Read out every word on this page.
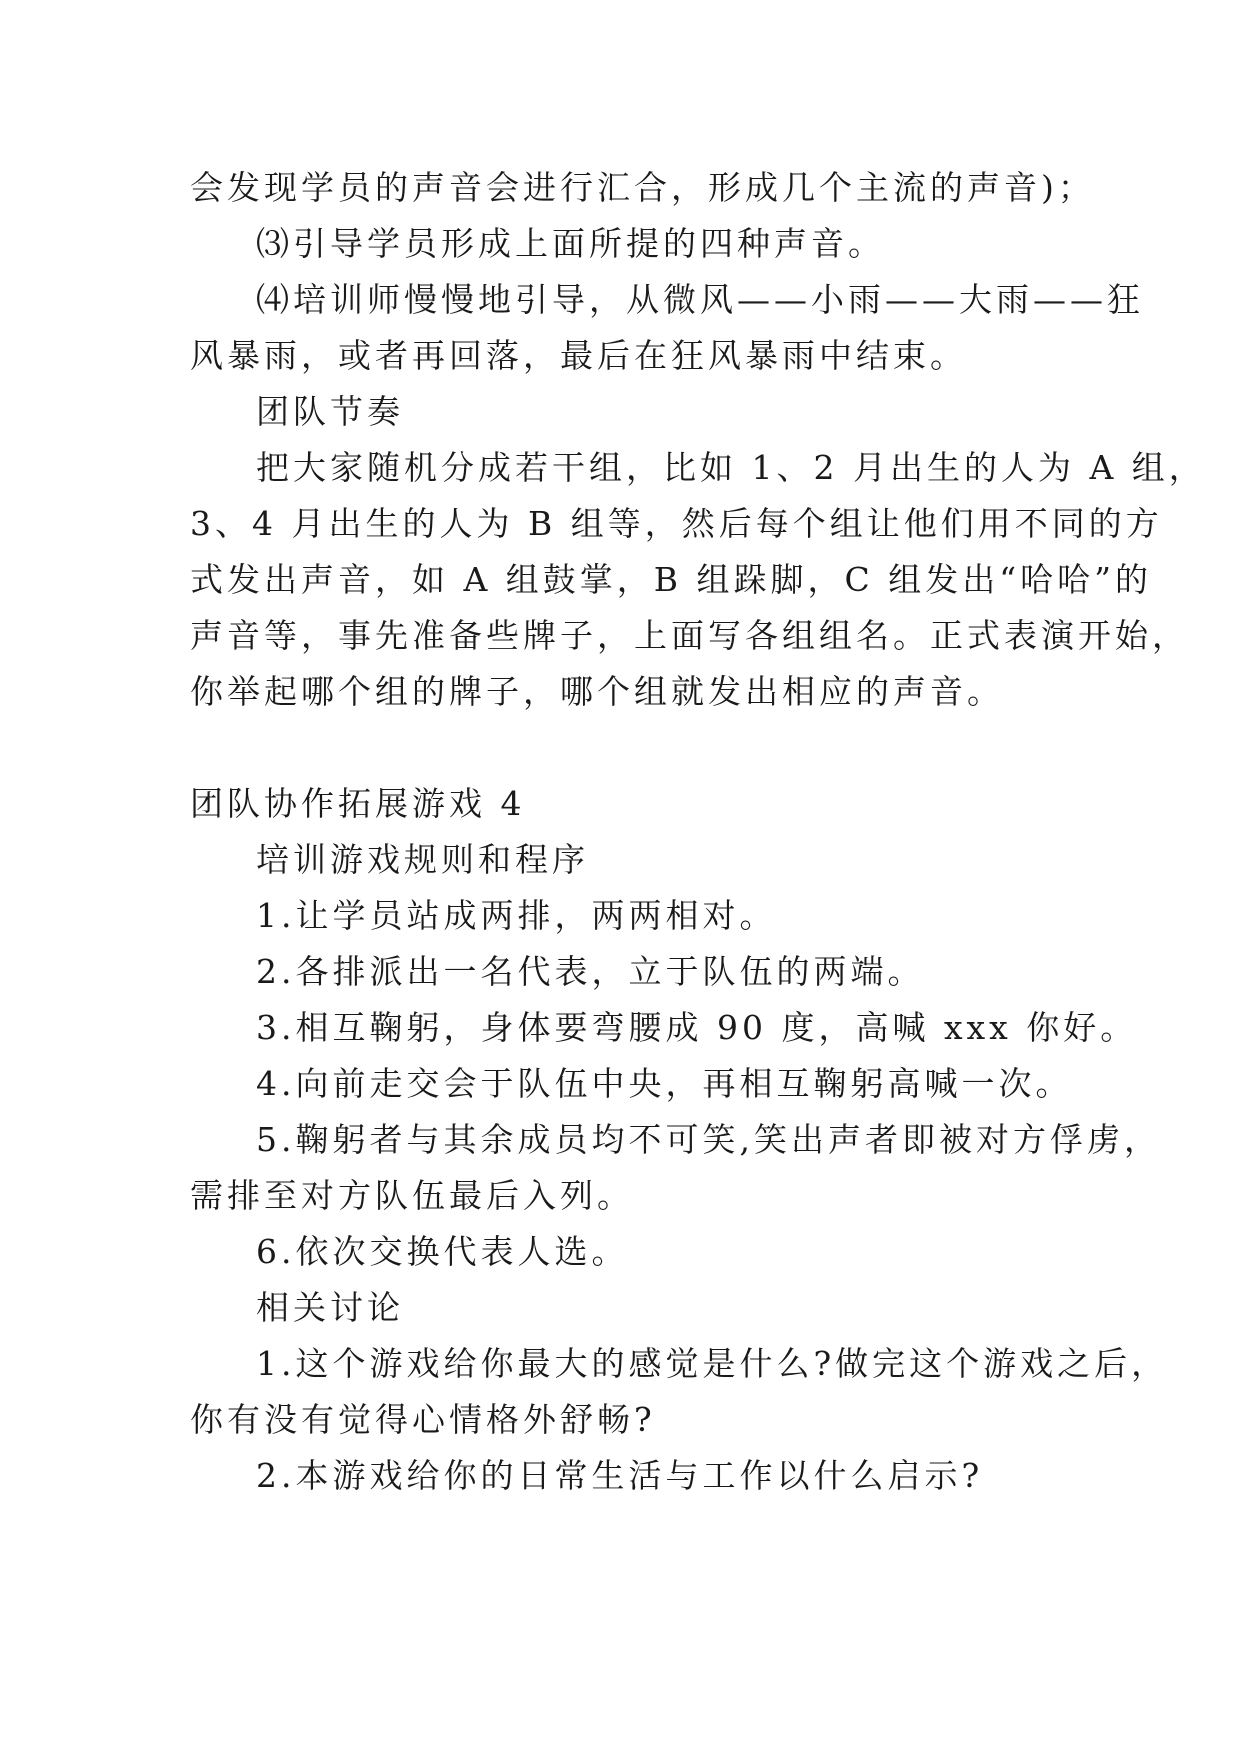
会发现学员的声音会进行汇合，形成几个主流的声音)；
⑶引导学员形成上面所提的四种声音。
⑷培训师慢慢地引导，从微风——小雨——大雨——狂
风暴雨，或者再回落，最后在狂风暴雨中结束。
团队节奏
把大家随机分成若干组，比如 1、2 月出生的人为 A 组，
3、4 月出生的人为 B 组等，然后每个组让他们用不同的方
式发出声音，如 A 组鼓掌，B 组跺脚，C 组发出“哈哈”的
声音等，事先准备些牌子，上面写各组组名。正式表演开始，
你举起哪个组的牌子，哪个组就发出相应的声音。
团队协作拓展游戏 4
培训游戏规则和程序
1.让学员站成两排，两两相对。
2.各排派出一名代表，立于队伍的两端。
3.相互鞠躬，身体要弯腰成 90 度，高喊 xxx 你好。
4.向前走交会于队伍中央，再相互鞠躬高喊一次。
5.鞠躬者与其余成员均不可笑,笑出声者即被对方俘虏，
需排至对方队伍最后入列。
6.依次交换代表人选。
相关讨论
1.这个游戏给你最大的感觉是什么?做完这个游戏之后，
你有没有觉得心情格外舒畅?
2.本游戏给你的日常生活与工作以什么启示?
